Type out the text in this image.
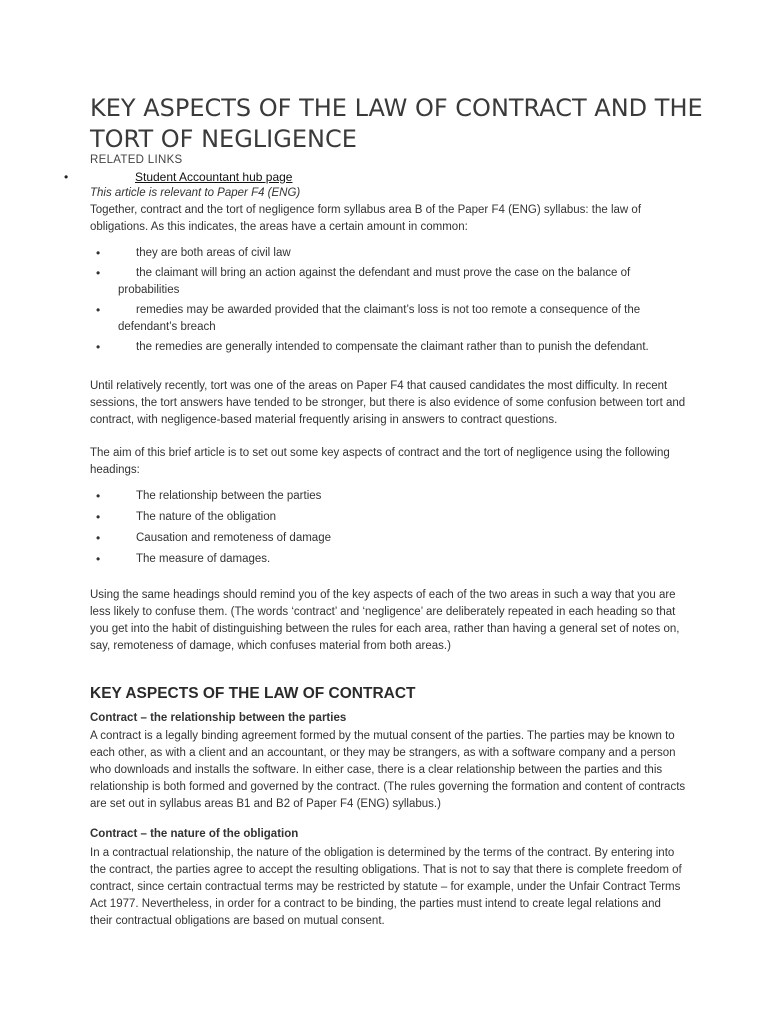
KEY ASPECTS OF THE LAW OF CONTRACT AND THE TORT OF NEGLIGENCE
RELATED LINKS
•	Student Accountant hub page

This article is relevant to Paper F4 (ENG)

Together, contract and the tort of negligence form syllabus area B of the Paper F4 (ENG) syllabus: the law of obligations. As this indicates, the areas have a certain amount in common:

•	they are both areas of civil law
•	the claimant will bring an action against the defendant and must prove the case on the balance of probabilities
•	remedies may be awarded provided that the claimant’s loss is not too remote a consequence of the defendant’s breach
•	the remedies are generally intended to compensate the claimant rather than to punish the defendant.

Until relatively recently, tort was one of the areas on Paper F4 that caused candidates the most difficulty. In recent sessions, the tort answers have tended to be stronger, but there is also evidence of some confusion between tort and contract, with negligence-based material frequently arising in answers to contract questions.

The aim of this brief article is to set out some key aspects of contract and the tort of negligence using the following headings:

•	The relationship between the parties
•	The nature of the obligation
•	Causation and remoteness of damage
•	The measure of damages.

Using the same headings should remind you of the key aspects of each of the two areas in such a way that you are less likely to confuse them. (The words ‘contract’ and ‘negligence’ are deliberately repeated in each heading so that you get into the habit of distinguishing between the rules for each area, rather than having a general set of notes on, say, remoteness of damage, which confuses material from both areas.)

KEY ASPECTS OF THE LAW OF CONTRACT
Contract – the relationship between the parties

A contract is a legally binding agreement formed by the mutual consent of the parties. The parties may be known to each other, as with a client and an accountant, or they may be strangers, as with a software company and a person who downloads and installs the software. In either case, there is a clear relationship between the parties and this relationship is both formed and governed by the contract. (The rules governing the formation and content of contracts are set out in syllabus areas B1 and B2 of Paper F4 (ENG) syllabus.)

Contract – the nature of the obligation

In a contractual relationship, the nature of the obligation is determined by the terms of the contract. By entering into the contract, the parties agree to accept the resulting obligations. That is not to say that there is complete freedom of contract, since certain contractual terms may be restricted by statute – for example, under the Unfair Contract Terms Act 1977. Nevertheless, in order for a contract to be binding, the parties must intend to create legal relations and their contractual obligations are based on mutual consent.
